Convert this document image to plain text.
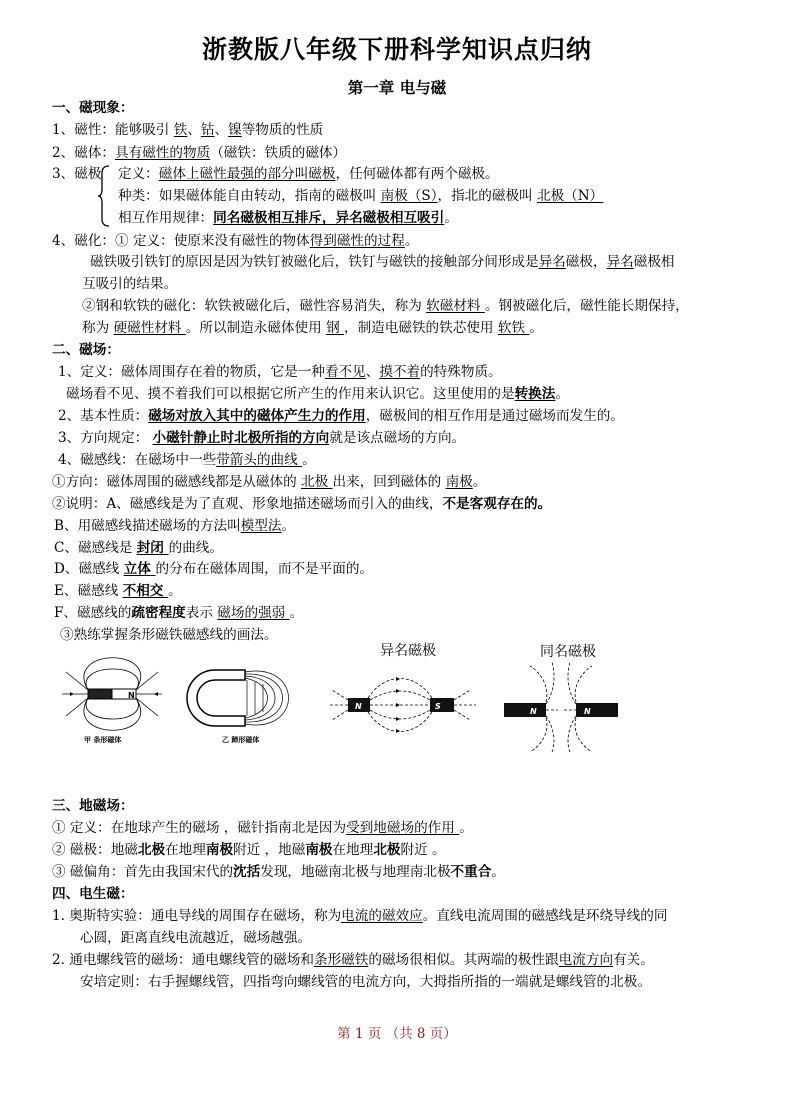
浙教版八年级下册科学知识点归纳
第一章 电与磁
一、磁现象：
1、磁性：能够吸引 铁、钴、镍等物质的性质
2、磁体：具有磁性的物质（磁铁：铁质的磁体）
3、磁极 定义：磁体上磁性最强的部分叫磁极，任何磁体都有两个磁极。
种类：如果磁体能自由转动，指南的磁极叫 南极（S），指北的磁极叫 北极（N）
相互作用规律：同名磁极相互排斥，异名磁极相互吸引。
4、磁化：① 定义：使原来没有磁性的物体得到磁性的过程。
磁铁吸引铁钉的原因是因为铁钉被磁化后，铁钉与磁铁的接触部分间形成是异名磁极，异名磁极相
互吸引的结果。
②钢和软铁的磁化：软铁被磁化后，磁性容易消失，称为 软磁材料 。钢被磁化后，磁性能长期保持，
称为 硬磁性材料 。所以制造永磁体使用 钢 ，制造电磁铁的铁芯使用 软铁 。
二、磁场：
1、定义：磁体周围存在着的物质，它是一种看不见、摸不着的特殊物质。
磁场看不见、摸不着我们可以根据它所产生的作用来认识它。这里使用的是转换法。
2、基本性质：磁场对放入其中的磁体产生力的作用，磁极间的相互作用是通过磁场而发生的。
3、方向规定： 小磁针静止时北极所指的方向就是该点磁场的方向。
4、磁感线：在磁场中一些带箭头的曲线 。
①方向：磁体周围的磁感线都是从磁体的 北极 出来，回到磁体的 南极。
②说明：A、磁感线是为了直观、形象地描述磁场而引入的曲线，不是客观存在的。
B、用磁感线描述磁场的方法叫模型法。
C、磁感线是 封闭 的曲线。
D、磁感线 立体 的分布在磁体周围，而不是平面的。
E、磁感线 不相交 。
F、磁感线的疏密程度表示 磁场的强弱 。
③熟练掌握条形磁铁磁感线的画法。
N
甲 条形磁体	乙 蹄形磁体
异名磁极
N	S
同名磁极
N	N
三、地磁场：
① 定义：在地球产生的磁场 ，磁针指南北是因为受到地磁场的作用 。
② 磁极：地磁北极在地理南极附近 ，地磁南极在地理北极附近 。
③ 磁偏角：首先由我国宋代的沈括发现，地磁南北极与地理南北极不重合。
四、电生磁：
1. 奥斯特实验：通电导线的周围存在磁场，称为电流的磁效应。直线电流周围的磁感线是环绕导线的同
心圆，距离直线电流越近，磁场越强。
2. 通电螺线管的磁场：通电螺线管的磁场和条形磁铁的磁场很相似。其两端的极性跟电流方向有关。
安培定则：右手握螺线管，四指弯向螺线管的电流方向，大拇指所指的一端就是螺线管的北极。
第 1 页 （共 8 页）
